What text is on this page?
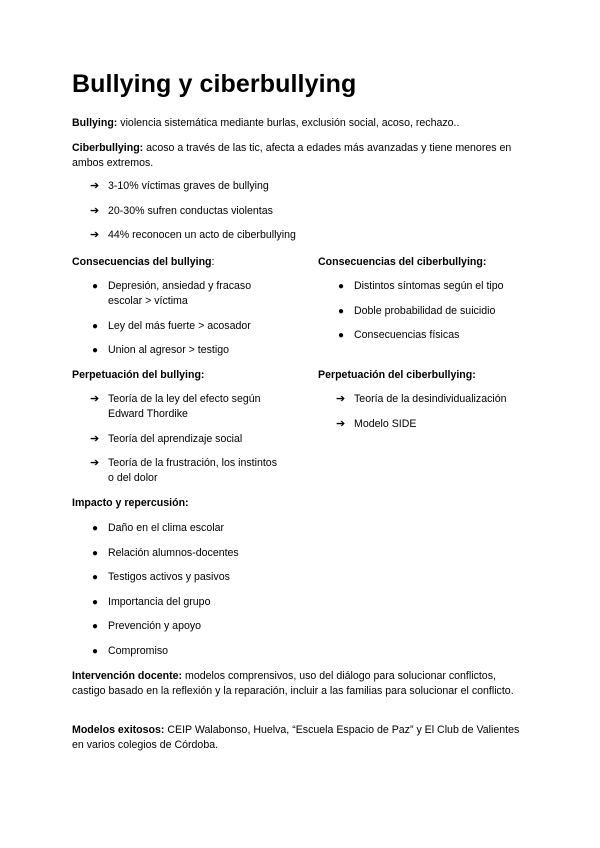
Bullying y ciberbullying

Bullying: violencia sistemática mediante burlas, exclusión social, acoso, rechazo..

Ciberbullying: acoso a través de las tic, afecta a edades más avanzadas y tiene menores en ambos extremos.

➔ 3-10% víctimas graves de bullying
➔ 20-30% sufren conductas violentas
➔ 44% reconocen un acto de ciberbullying

Consecuencias del bullying:	Consecuencias del ciberbullying:

● Depresión, ansiedad y fracaso escolar > víctima
● Ley del más fuerte > acosador
● Union al agresor > testigo
● Distintos síntomas según el tipo
● Doble probabilidad de suicidio
● Consecuencias físicas

Perpetuación del bullying:	Perpetuación del ciberbullying:

➔ Teoría de la ley del efecto según Edward Thordike
➔ Teoría del aprendizaje social
➔ Teoría de la frustración, los instintos o del dolor
➔ Teoría de la desindividualización
➔ Modelo SIDE

Impacto y repercusión:

● Daño en el clima escolar
● Relación alumnos-docentes
● Testigos activos y pasivos
● Importancia del grupo
● Prevención y apoyo
● Compromiso

Intervención docente: modelos comprensivos, uso del diálogo para solucionar conflictos, castigo basado en la reflexión y la reparación, incluir a las familias para solucionar el conflicto.

Modelos exitosos: CEIP Walabonso, Huelva, “Escuela Espacio de Paz” y El Club de Valientes en varios colegios de Córdoba.
